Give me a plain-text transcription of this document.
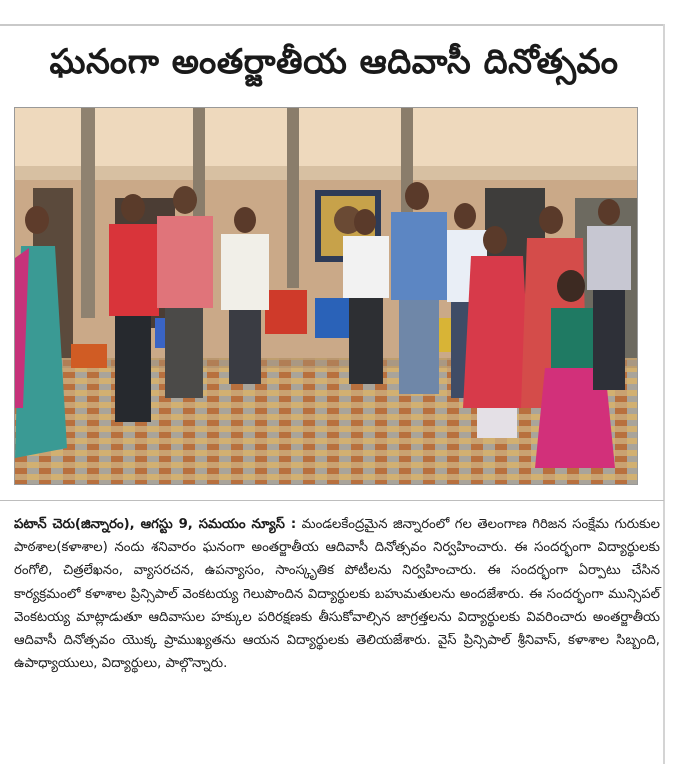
ఘనంగా అంతర్జాతీయ ఆదివాసీ దినోత్సవం

పటాన్ చెరు(జిన్నారం), ఆగస్టు 9, సమయం న్యూస్ : మండలకేంద్రమైన జిన్నారంలో గల తెలంగాణ గిరిజన సంక్షేమ గురుకుల పాఠశాల(కళాశాల) నందు శనివారం ఘనంగా అంతర్జాతీయ ఆదివాసీ దినోత్సవం నిర్వహించారు. ఈ సందర్భంగా విద్యార్థులకు రంగోలి, చిత్రలేఖనం, వ్యాసరచన, ఉపన్యాసం, సాంస్కృతిక పోటీలను నిర్వహించారు. ఈ సందర్భంగా ఏర్పాటు చేసిన కార్యక్రమంలో కళాశాల ప్రిన్సిపాల్ వెంకటయ్య గెలుపొందిన విద్యార్థులకు బహుమతులను అందజేశారు. ఈ సందర్భంగా మున్సిపల్ వెంకటయ్య మాట్లాడుతూ ఆదివాసుల హక్కుల పరిరక్షణకు తీసుకోవాల్సిన జాగ్రత్తలను విద్యార్థులకు వివరించారు అంతర్జాతీయ ఆదివాసీ దినోత్సవం యొక్క ప్రాముఖ్యతను ఆయన విద్యార్థులకు తెలియజేశారు. వైస్ ప్రిన్సిపాల్ శ్రీనివాస్, కళాశాల సిబ్బంది, ఉపాధ్యాయులు, విద్యార్థులు, పాల్గొన్నారు.
